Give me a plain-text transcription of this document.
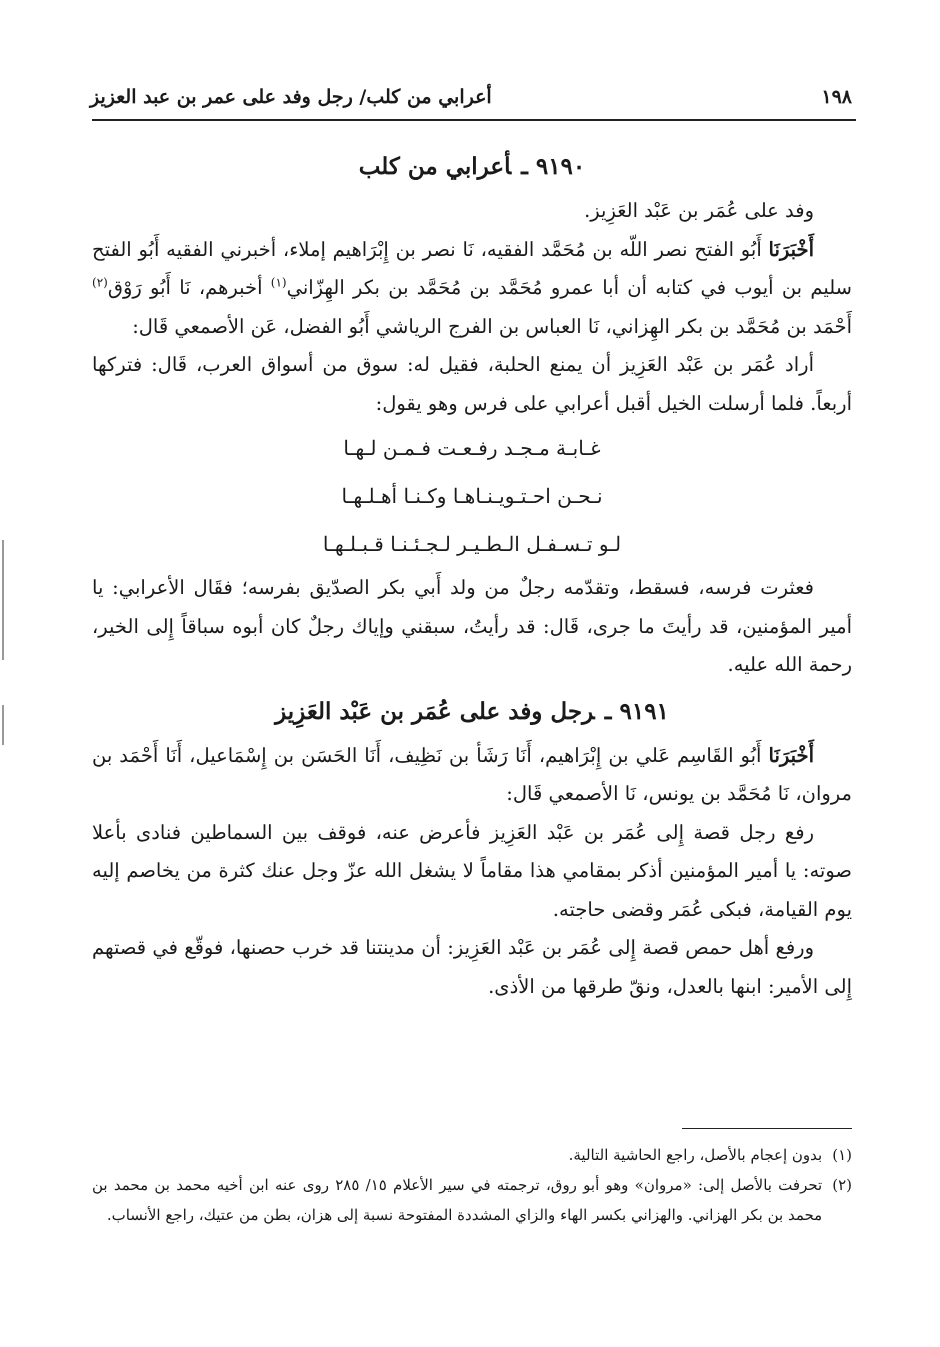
١٩٨
أعرابي من كلب/ رجل وفد على عمر بن عبد العزيز
٩١٩٠ ـأعرابي من كلب

وفد على عُمَر بن عَبْد العَزِيز.

أَخْبَرَنَا أَبُو الفتح نصر اللّه بن مُحَمَّد الفقيه، نَا نصر بن إِبْرَاهيم إملاء، أخبرني الفقيه أَبُو الفتح سليم بن أيوب في كتابه أن أبا عمرو مُحَمَّد بن مُحَمَّد بن بكر الهِزّاني$^{(١)}$ أخبرهم، نَا أَبُو رَوْق$^{(٢)}$ أَحْمَد بن مُحَمَّد بن بكر الهِزاني، نَا العباس بن الفرج الرياشي أَبُو الفضل، عَن الأصمعي قَال:

أراد عُمَر بن عَبْد العَزِيز أن يمنع الحلبة، فقيل له: سوق من أسواق العرب، قَال: فتركها أربعاً. فلما أرسلت الخيل أقبل أعرابي على فرس وهو يقول:

غـابـة مـجـد رفـعـت فـمـن لـهـا
نـحـن احـتـويـنـاهـا وكـنـا أهـلـهـا
لـو تـسـفـل الـطـيـر لـجـئـنـا قـبـلـهـا

فعثرت فرسه، فسقط، وتقدّمه رجلٌ من ولد أَبي بكر الصدّيق بفرسه؛ فقَال الأعرابي: يا أمير المؤمنين، قد رأيتَ ما جرى، قَال: قد رأيتُ، سبقني وإياك رجلٌ كان أبوه سباقاً إِلى الخير، رحمة الله عليه.

٩١٩١ ـرجل وفد على عُمَر بن عَبْد العَزِيز

أَخْبَرَنَا أَبُو القَاسِم عَلي بن إِبْرَاهيم، أَنَا رَشَأ بن نَظِيف، أَنَا الحَسَن بن إِسْمَاعيل، أَنَا أَحْمَد بن مروان، نَا مُحَمَّد بن يونس، نَا الأصمعي قَال:

رفع رجل قصة إِلى عُمَر بن عَبْد العَزِيز فأعرض عنه، فوقف بين السماطين فنادى بأعلا صوته: يا أمير المؤمنين أذكر بمقامي هذا مقاماً لا يشغل الله عزّ وجل عنك كثرة من يخاصم إليه يوم القيامة، فبكى عُمَر وقضى حاجته.

ورفع أهل حمص قصة إِلى عُمَر بن عَبْد العَزِيز: أن مدينتنا قد خرب حصنها، فوقّع في قصتهم إِلى الأمير: ابنها بالعدل، ونقّ طرقها من الأذى.

(١)
بدون إعجام بالأصل، راجع الحاشية التالية.
(٢)
تحرفت بالأصل إلى: «مروان» وهو أبو روق، ترجمته في سير الأعلام ١٥/ ٢٨٥ روى عنه ابن أخيه محمد بن محمد بن محمد بن بكر الهزاني. والهزاني بكسر الهاء والزاي المشددة المفتوحة نسبة إلى هزان، بطن من عتيك، راجع الأنساب.
